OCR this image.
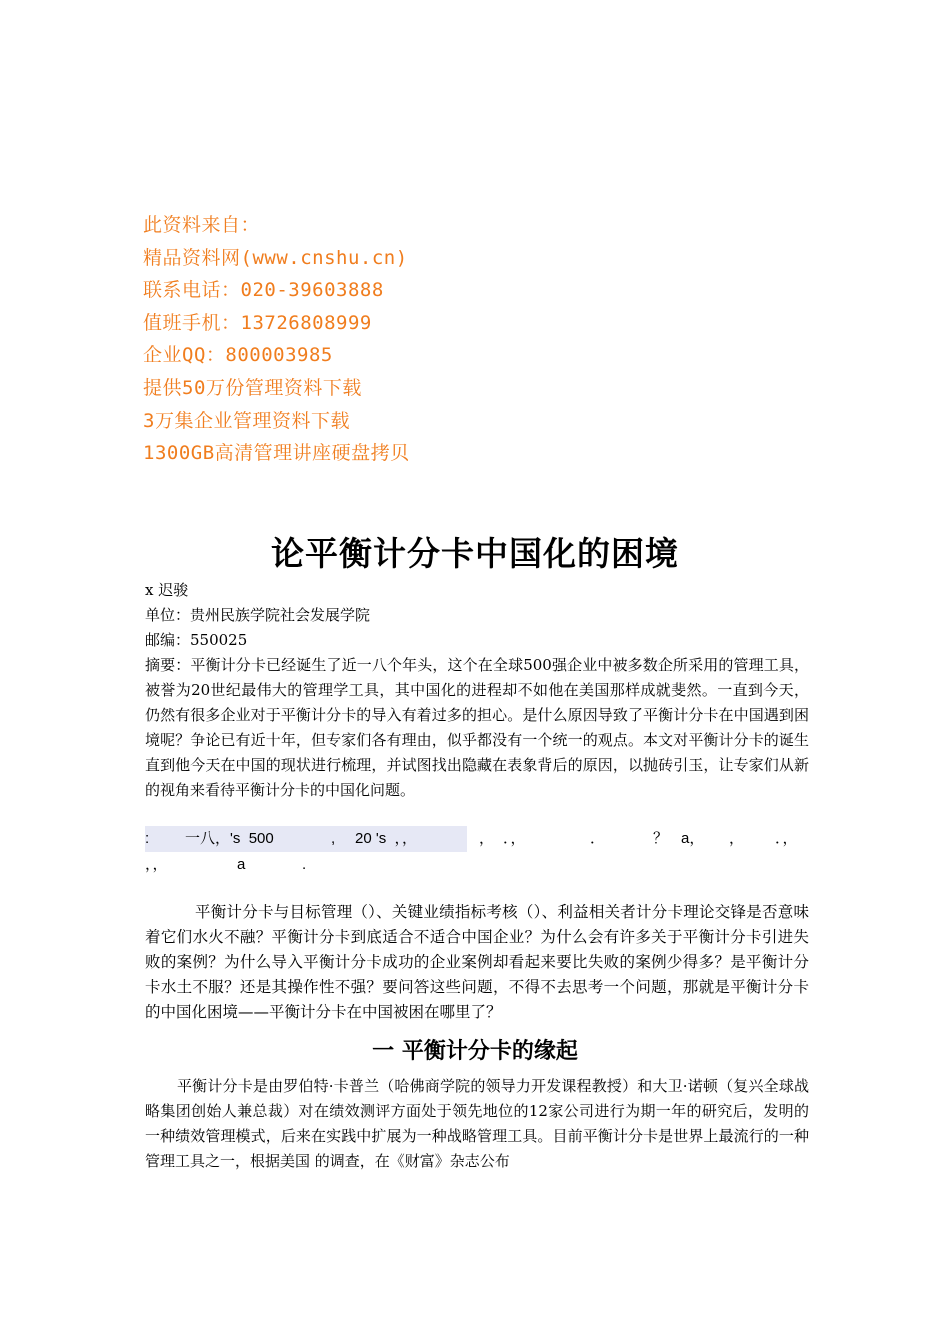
此资料来自：
精品资料网(www.cnshu.cn)
联系电话：020-39603888
值班手机：13726808999
企业QQ：800003985
提供50万份管理资料下载
3万集企业管理资料下载
1300GB高清管理讲座硬盘拷贝
论平衡计分卡中国化的困境
x 迟骏
单位：贵州民族学院社会发展学院
邮编：550025

摘要：平衡计分卡已经诞生了近一八个年头，这个在全球500强企业中被多数企所采用的管理工具，被誉为20世纪最伟大的管理学工具，其中国化的进程却不如他在美国那样成就斐然。一直到今天，仍然有很多企业对于平衡计分卡的导入有着过多的担心。是什么原因导致了平衡计分卡在中国遇到困境呢？争论已有近十年，但专家们各有理由，似乎都没有一个统一的观点。本文对平衡计分卡的诞生直到他今天在中国的现状进行梳理，并试图找出隐藏在表象背后的原因，以抛砖引玉，让专家们从新的视角来看待平衡计分卡的中国化问题。

:

一八，'s  500

	,

20 's  ，，

	，

．，

	．

	？

a，

，

．，

，，

	a

	.

平衡计分卡与目标管理（）、关键业绩指标考核（）、利益相关者计分卡理论交锋是否意味着它们水火不融？平衡计分卡到底适合不适合中国企业？为什么会有许多关于平衡计分卡引进失败的案例？为什么导入平衡计分卡成功的企业案例却看起来要比失败的案例少得多？是平衡计分卡水土不服？还是其操作性不强？要问答这些问题，不得不去思考一个问题，那就是平衡计分卡的中国化困境——平衡计分卡在中国被困在哪里了？

一 平衡计分卡的缘起

平衡计分卡是由罗伯特·卡普兰（哈佛商学院的领导力开发课程教授）和大卫·诺顿（复兴全球战略集团创始人兼总裁）对在绩效测评方面处于领先地位的12家公司进行为期一年的研究后，发明的一种绩效管理模式，后来在实践中扩展为一种战略管理工具。目前平衡计分卡是世界上最流行的一种管理工具之一，根据美国 的调查，在《财富》杂志公布
